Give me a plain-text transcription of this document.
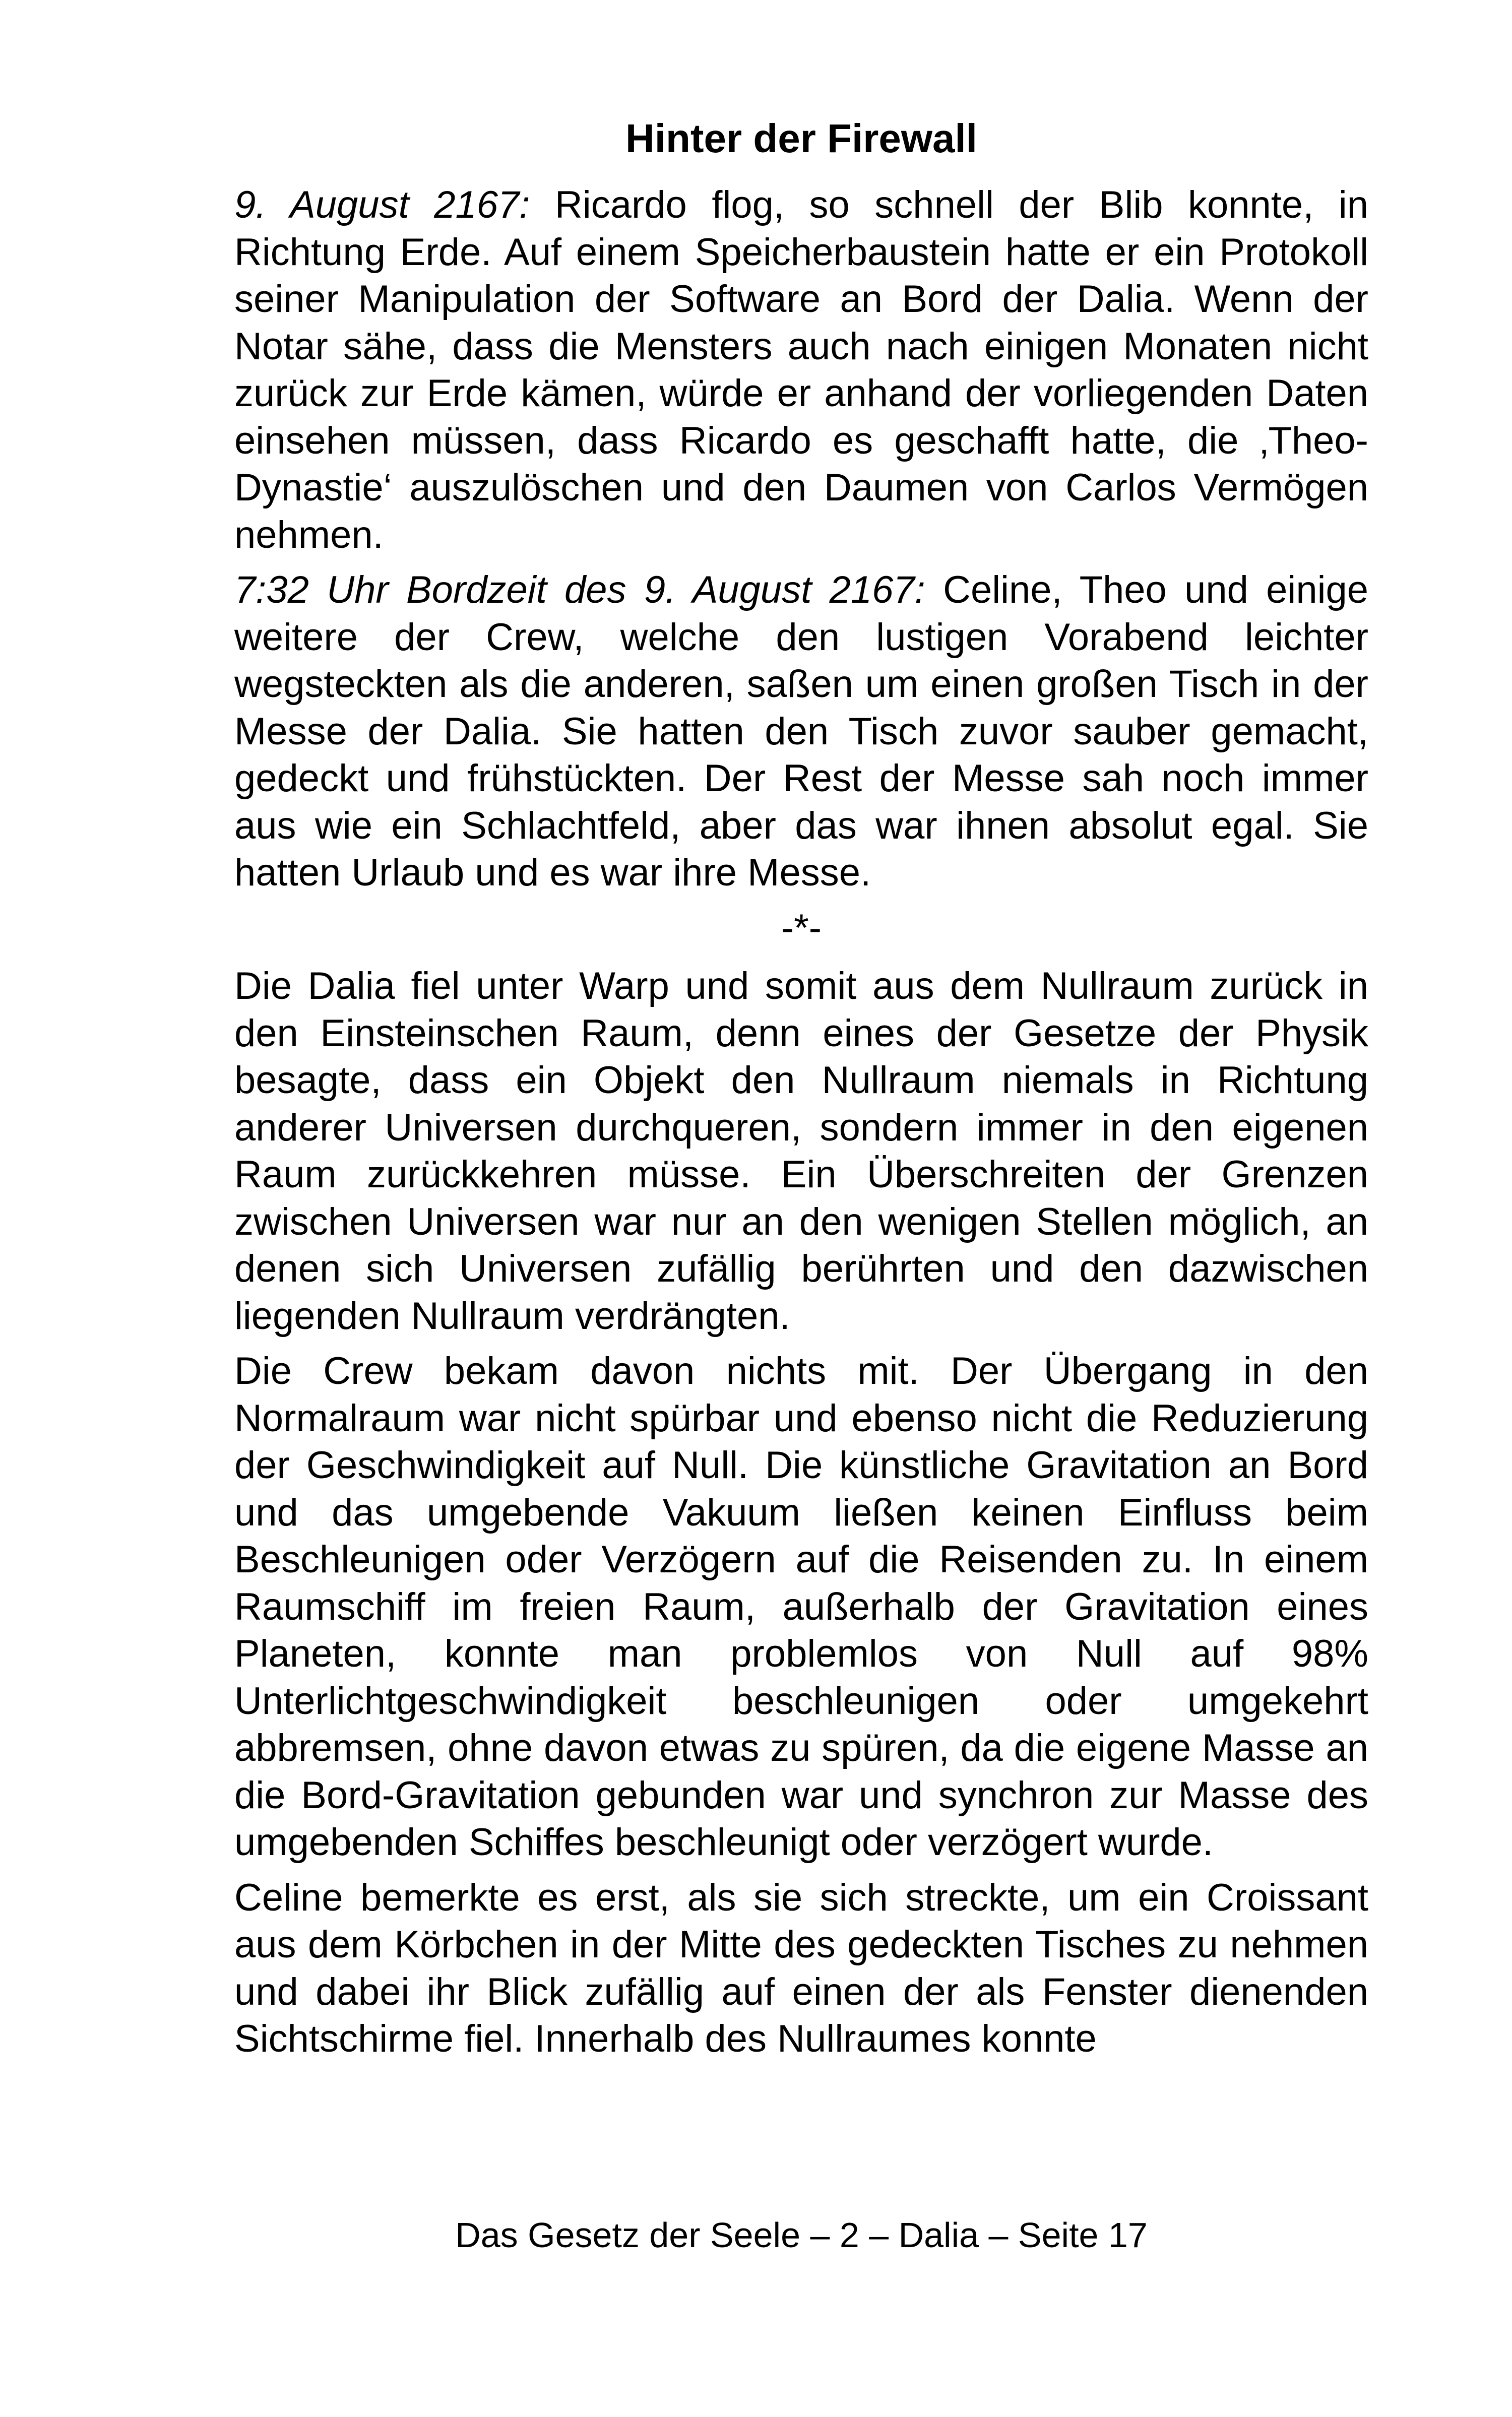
Hinter der Firewall

9. August 2167: Ricardo flog, so schnell der Blib konnte, in Richtung Erde. Auf einem Speicherbaustein hatte er ein Protokoll seiner Manipulation der Software an Bord der Dalia. Wenn der Notar sähe, dass die Mensters auch nach einigen Monaten nicht zurück zur Erde kämen, würde er anhand der vorliegenden Daten einsehen müssen, dass Ricardo es geschafft hatte, die ‚Theo-Dynastie‘ auszulöschen und den Daumen von Carlos Vermögen nehmen.

7:32 Uhr Bordzeit des 9. August 2167: Celine, Theo und einige weitere der Crew, welche den lustigen Vorabend leichter wegsteckten als die anderen, saßen um einen großen Tisch in der Messe der Dalia. Sie hatten den Tisch zuvor sauber gemacht, gedeckt und frühstückten. Der Rest der Messe sah noch immer aus wie ein Schlachtfeld, aber das war ihnen absolut egal. Sie hatten Urlaub und es war ihre Messe.

-*-

Die Dalia fiel unter Warp und somit aus dem Nullraum zurück in den Einsteinschen Raum, denn eines der Gesetze der Physik besagte, dass ein Objekt den Nullraum niemals in Richtung anderer Universen durchqueren, sondern immer in den eigenen Raum zurückkehren müsse. Ein Überschreiten der Grenzen zwischen Universen war nur an den wenigen Stellen möglich, an denen sich Universen zufällig berührten und den dazwischen liegenden Nullraum verdrängten.

Die Crew bekam davon nichts mit. Der Übergang in den Normalraum war nicht spürbar und ebenso nicht die Reduzierung der Geschwindigkeit auf Null. Die künstliche Gravitation an Bord und das umgebende Vakuum ließen keinen Einfluss beim Beschleunigen oder Verzögern auf die Reisenden zu. In einem Raumschiff im freien Raum, außerhalb der Gravitation eines Planeten, konnte man problemlos von Null auf 98% Unterlichtgeschwindigkeit beschleunigen oder umgekehrt abbremsen, ohne davon etwas zu spüren, da die eigene Masse an die Bord-Gravitation gebunden war und synchron zur Masse des umgebenden Schiffes beschleunigt oder verzögert wurde.

Celine bemerkte es erst, als sie sich streckte, um ein Croissant aus dem Körbchen in der Mitte des gedeckten Tisches zu nehmen und dabei ihr Blick zufällig auf einen der als Fenster dienenden Sichtschirme fiel. Innerhalb des Nullraumes konnte

Das Gesetz der Seele – 2 – Dalia – Seite 17
